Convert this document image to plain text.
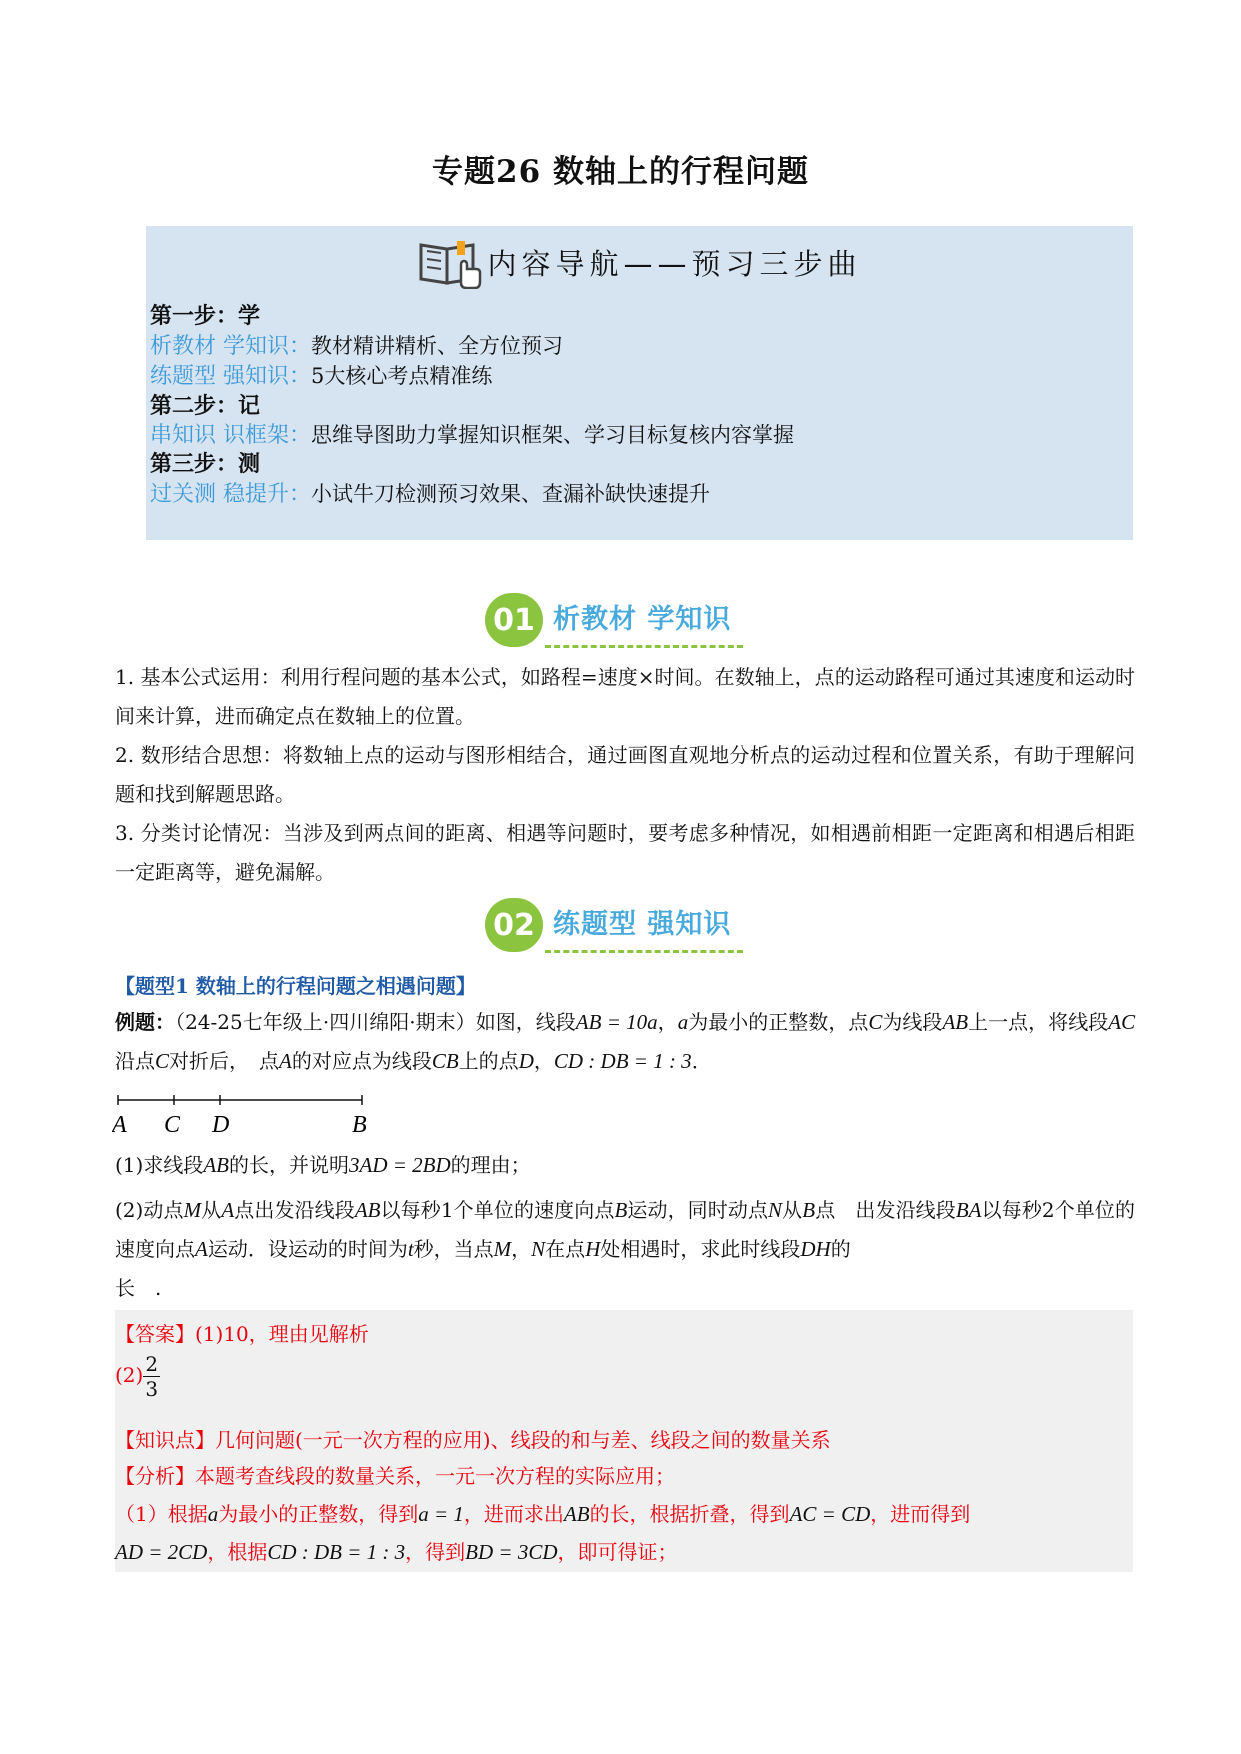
专题26 数轴上的行程问题
内容导航——预习三步曲
第一步：学
析教材 学知识：教材精讲精析、全方位预习
练题型 强知识：5大核心考点精准练
第二步：记
串知识 识框架：思维导图助力掌握知识框架、学习目标复核内容掌握
第三步：测
过关测 稳提升：小试牛刀检测预习效果、查漏补缺快速提升
01 析教材 学知识
1. 基本公式运用：利用行程问题的基本公式，如路程=速度×时间。在数轴上，点的运动路程可通过其速度和运动时间来计算，进而确定点在数轴上的位置。
2. 数形结合思想：将数轴上点的运动与图形相结合，通过画图直观地分析点的运动过程和位置关系，有助于理解问题和找到解题思路。
3. 分类讨论情况：当涉及到两点间的距离、相遇等问题时，要考虑多种情况，如相遇前相距一定距离和相遇后相距一定距离等，避免漏解。
02 练题型 强知识
【题型1 数轴上的行程问题之相遇问题】
例题：（24-25七年级上·四川绵阳·期末）如图，线段AB = 10a，a为最小的正整数，点C为线段AB上一点，将线段AC沿点C对折后，　点A的对应点为线段CB上的点D，CD : DB = 1 : 3．
A C D	B
(1)求线段AB的长，并说明3AD = 2BD的理由；
(2)动点M从A点出发沿线段AB以每秒1个单位的速度向点B运动，同时动点N从B点　出发沿线段BA以每秒2个单位的速度向点A运动．设运动的时间为t秒，当点M，N在点H处相遇时，求此时线段DH的
长　.
【答案】(1)10，理由见解析
$(2) \frac{2}{3}$
【知识点】几何问题(一元一次方程的应用)、线段的和与差、线段之间的数量关系
【分析】本题考查线段的数量关系，一元一次方程的实际应用；
（1）根据a为最小的正整数，得到a = 1，进而求出AB的长，根据折叠，得到AC = CD，进而得到
AD = 2CD，根据CD : DB = 1 : 3，得到BD = 3CD，即可得证；
